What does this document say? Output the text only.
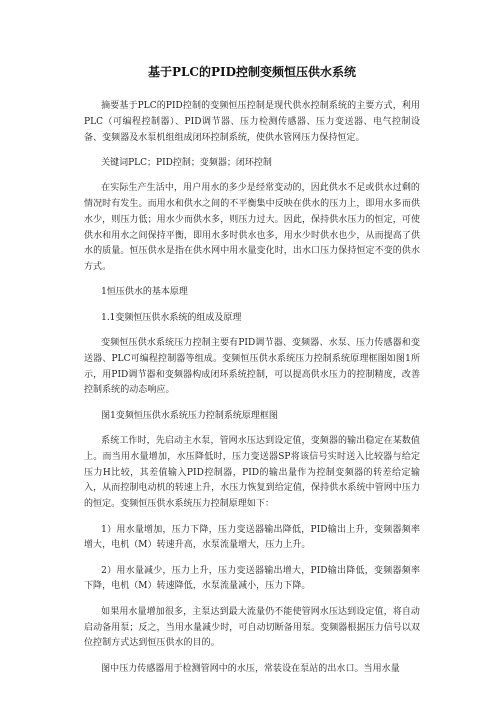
基于PLC的PID控制变频恒压供水系统

摘要基于PLC的PID控制的变频恒压控制是现代供水控制系统的主要方式，利用PLC（可编程控制器）、PID调节器、压力检测传感器、压力变送器、电气控制设备、变频器及水泵机组组成闭环控制系统，使供水管网压力保持恒定。

关键词PLC；PID控制；变频器；闭环控制

在实际生产生活中，用户用水的多少是经常变动的，因此供水不足或供水过剩的情况时有发生。而用水和供水之间的不平衡集中反映在供水的压力上，即用水多而供水少，则压力低；用水少而供水多，则压力过大。因此，保持供水压力的恒定，可使供水和用水之间保持平衡，即用水多时供水也多，用水少时供水也少，从而提高了供水的质量。恒压供水是指在供水网中用水量变化时，出水口压力保持恒定不变的供水方式。

1恒压供水的基本原理

1.1变频恒压供水系统的组成及原理

变频恒压供水系统压力控制主要有PID调节器、变频器、水泵、压力传感器和变送器、PLC可编程控制器等组成。变频恒压供水系统压力控制系统原理框图如图1所示，用PID调节器和变频器构成闭环系统控制，可以提高供水压力的控制精度，改善控制系统的动态响应。

图1变频恒压供水系统压力控制系统原理框图

系统工作时，先启动主水泵，管网水压达到设定值，变频器的输出稳定在某数值上。而当用水量增加，水压降低时，压力变送器SP将该信号实时送入比较器与给定压力H比较，其差值输入PID控制器，PID的输出量作为控制变频器的转差给定输入，从而控制电动机的转速上升，水压力恢复到给定值，保持供水系统中管网中压力的恒定。变频恒压供水系统压力控制原理如下：

1）用水量增加，压力下降，压力变送器输出降低，PID输出上升，变频器频率增大，电机（M）转速升高，水泵流量增大，压力上升。

2）用水量减少，压力上升，压力变送器输出增大，PID输出降低，变频器频率下降，电机（M）转速降低，水泵流量减小，压力下降。

如果用水量增加很多，主泵达到最大流量仍不能使管网水压达到设定值，将自动启动备用泵；反之，当用水量减少时，可自动切断备用泵。变频器根据压力信号以双位控制方式达到恒压供水的目的。

图中压力传感器用于检测管网中的水压，常装设在泵站的出水口。当用水量
